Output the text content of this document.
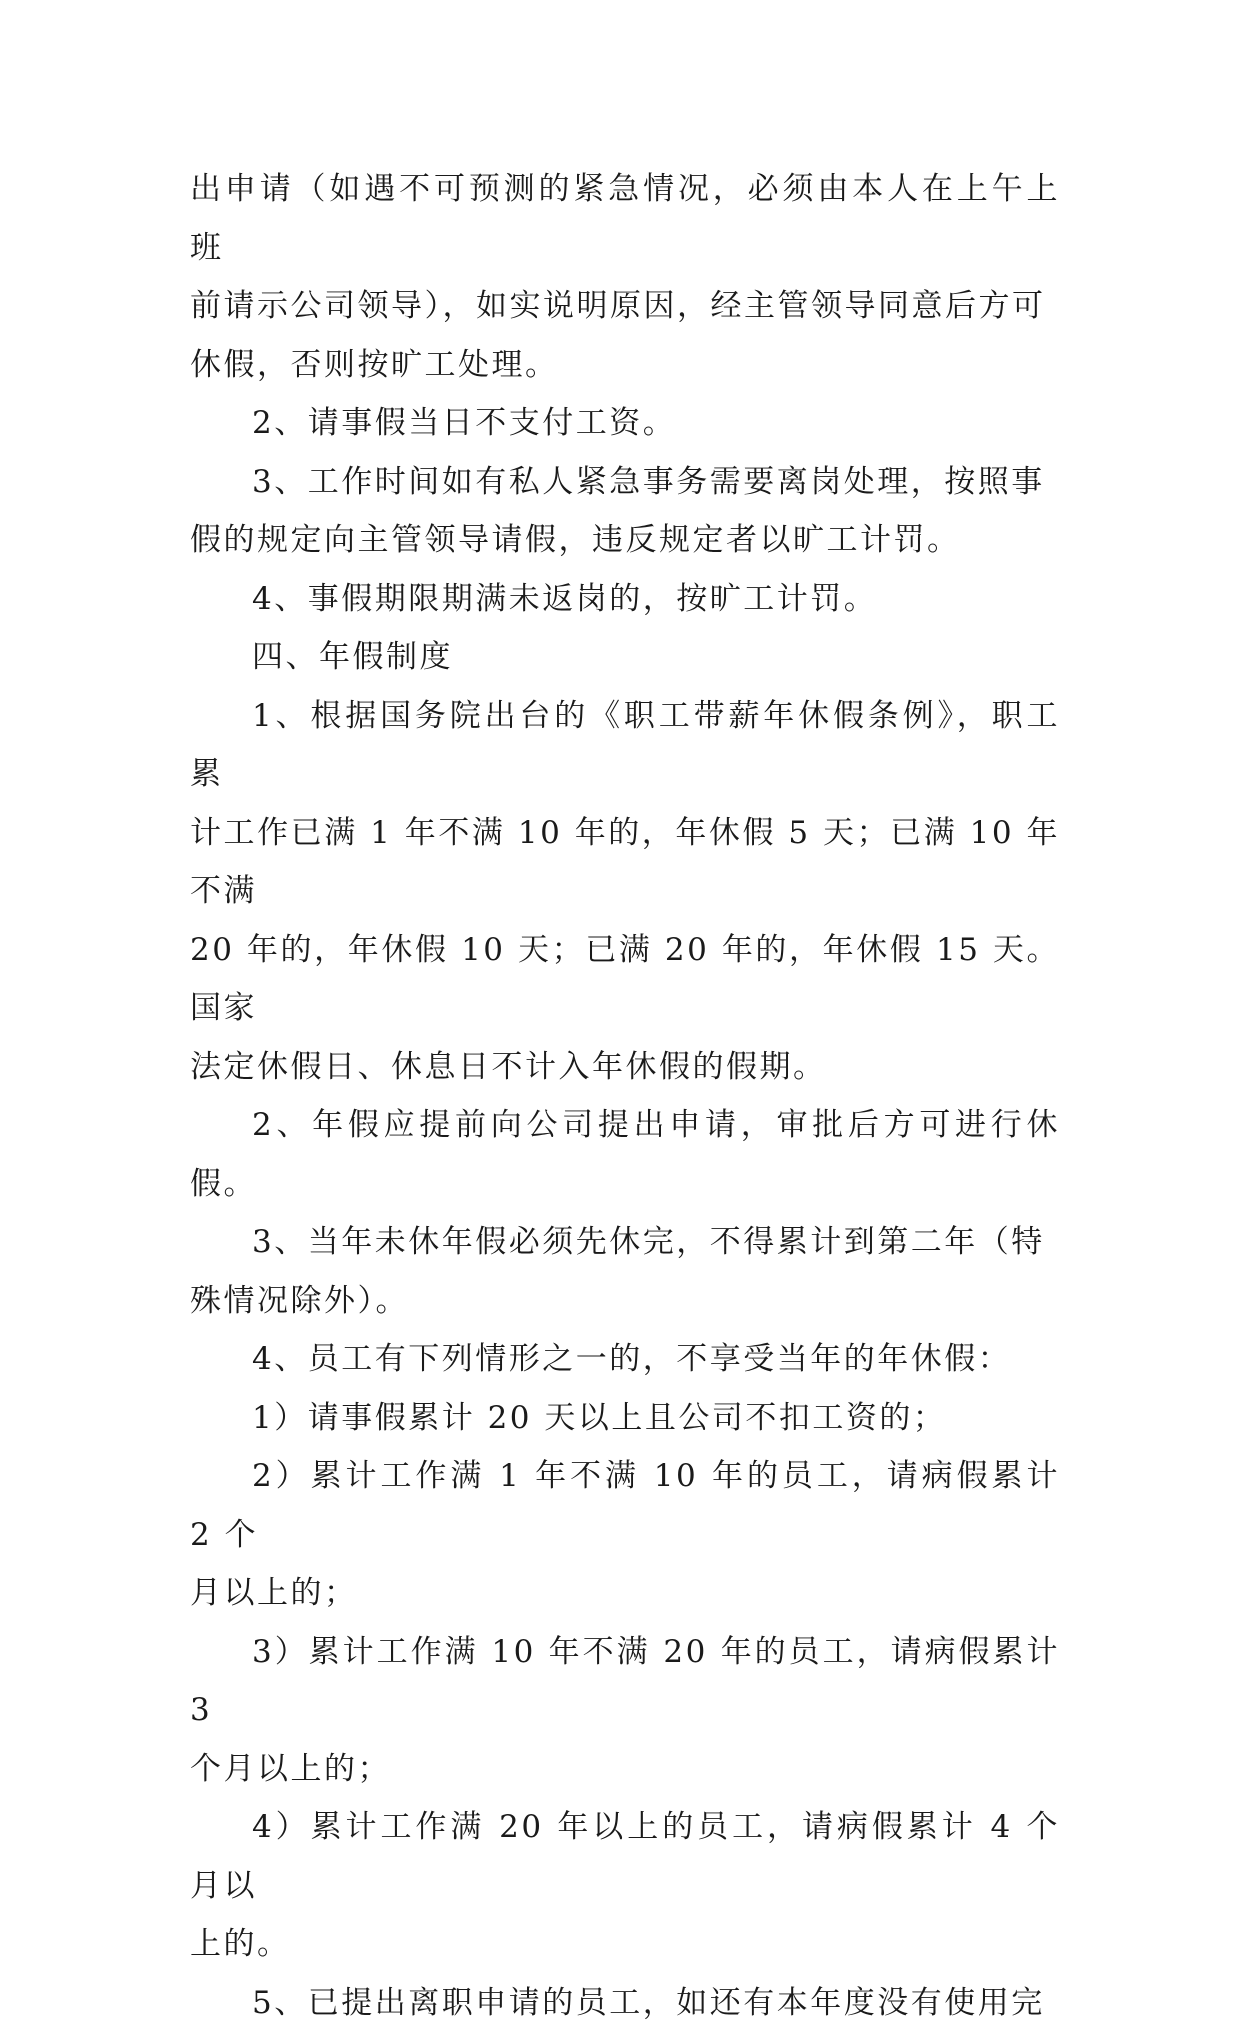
出申请（如遇不可预测的紧急情况，必须由本人在上午上班
前请示公司领导），如实说明原因，经主管领导同意后方可
休假，否则按旷工处理。
2、请事假当日不支付工资。
3、工作时间如有私人紧急事务需要离岗处理，按照事
假的规定向主管领导请假，违反规定者以旷工计罚。
4、事假期限期满未返岗的，按旷工计罚。
四、年假制度
1、根据国务院出台的《职工带薪年休假条例》，职工累
计工作已满 1 年不满 10 年的，年休假 5 天；已满 10 年不满
20 年的，年休假 10 天；已满 20 年的，年休假 15 天。国家
法定休假日、休息日不计入年休假的假期。
2、年假应提前向公司提出申请，审批后方可进行休假。
3、当年未休年假必须先休完，不得累计到第二年（特
殊情况除外）。
4、员工有下列情形之一的，不享受当年的年休假：
1）请事假累计 20 天以上且公司不扣工资的；
2）累计工作满 1 年不满 10 年的员工，请病假累计 2 个
月以上的；
3）累计工作满 10 年不满 20 年的员工，请病假累计 3
个月以上的；
4）累计工作满 20 年以上的员工，请病假累计 4 个月以
上的。
5、已提出离职申请的员工，如还有本年度没有使用完
